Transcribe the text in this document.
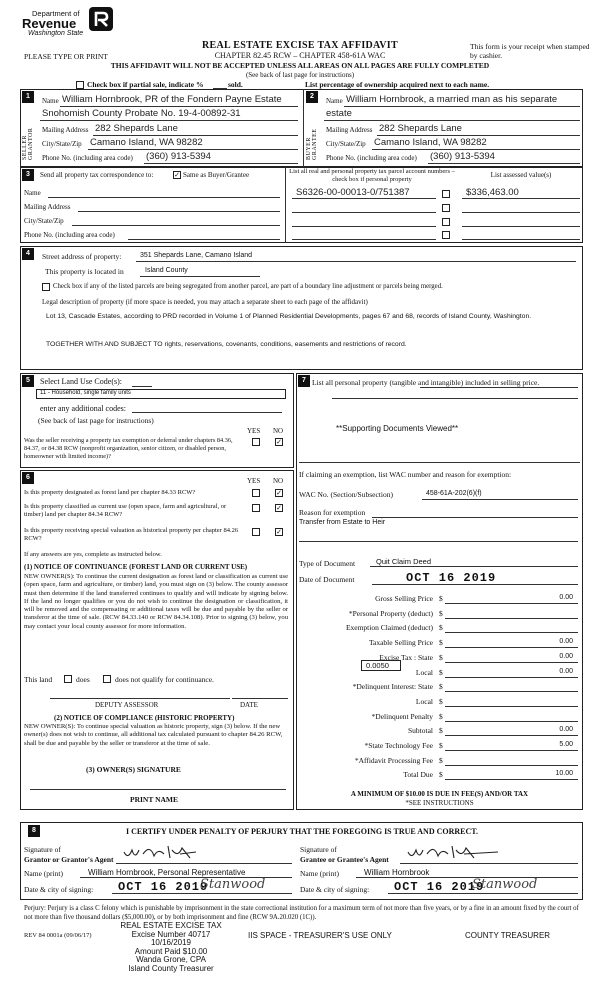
Department of
Revenue
Washington State
PLEASE TYPE OR PRINT
REAL ESTATE EXCISE TAX AFFIDAVIT
CHAPTER 82.45 RCW – CHAPTER 458-61A WAC
THIS AFFIDAVIT WILL NOT BE ACCEPTED UNLESS ALL AREAS ON ALL PAGES ARE FULLY COMPLETED
(See back of last page for instructions)
This form is your receipt when stamped by cashier.
Check box if partial sale, indicate %	sold.	List percentage of ownership acquired next to each name.
1
SELLER GRANTOR
Name William Hornbrook, PR of the Fondern Payne Estate
Snohomish County Probate No. 19-4-00892-31
Mailing Address 282 Shepards Lane
City/State/Zip Camano Island, WA 98282
Phone No. (including area code) (360) 913-5394
2
BUYER GRANTEE
Name William Hornbrook, a married man as his separate
estate
Mailing Address 282 Shepards Lane
City/State/Zip Camano Island, WA 98282
Phone No. (including area code) (360) 913-5394
3	Send all property tax correspondence to:	✓ Same as Buyer/Grantee
Name
Mailing Address
City/State/Zip
Phone No. (including area code)
List all real and personal property tax parcel account numbers – check box if personal property
List assessed value(s)
S6326-00-00013-0/751387	$336,463.00
4	Street address of property:	351 Shepards Lane, Camano Island
This property is located in	Island County
Check box if any of the listed parcels are being segregated from another parcel, are part of a boundary line adjustment or parcels being merged.
Legal description of property (if more space is needed, you may attach a separate sheet to each page of the affidavit)
Lot 13, Cascade Estates, according to PRD recorded in Volume 1 of Planned Residential Developments, pages 67 and 68, records of Island County, Washington.
TOGETHER WITH AND SUBJECT TO rights, reservations, covenants, conditions, easements and restrictions of record.
5	Select Land Use Code(s):
11 - Household, single family units
enter any additional codes:
(See back of last page for instructions)
YES NO
Was the seller receiving a property tax exemption or deferral under chapters 84.36, 84.37, or 84.38 RCW (nonprofit organization, senior citizen, or disabled person, homeowner with limited income)?
✓
6	YES NO
Is this property designated as forest land per chapter 84.33 RCW?	✓
Is this property classified as current use (open space, farm and agricultural, or timber) land per chapter 84.34 RCW?
✓
Is this property receiving special valuation as historical property per chapter 84.26 RCW?
✓
If any answers are yes, complete as instructed below.
(1) NOTICE OF CONTINUANCE (FOREST LAND OR CURRENT USE)
NEW OWNER(S): To continue the current designation as forest land or classification as current use (open space, farm and agriculture, or timber) land, you must sign on (3) below. The county assessor must then determine if the land transferred continues to qualify and will indicate by signing below. If the land no longer qualifies or you do not wish to continue the designation or classification, it will be removed and the compensating or additional taxes will be due and payable by the seller or transferor at the time of sale. (RCW 84.33.140 or RCW 84.34.108). Prior to signing (3) below, you may contact your local county assessor for more information.
This land	does	does not qualify for continuance.
DEPUTY ASSESSOR	DATE
(2) NOTICE OF COMPLIANCE (HISTORIC PROPERTY)
NEW OWNER(S): To continue special valuation as historic property, sign (3) below. If the new owner(s) does not wish to continue, all additional tax calculated pursuant to chapter 84.26 RCW, shall be due and payable by the seller or transferor at the time of sale.
(3) OWNER(S) SIGNATURE
PRINT NAME
7 List all personal property (tangible and intangible) included in selling price.
**Supporting Documents Viewed**
If claiming an exemption, list WAC number and reason for exemption:
WAC No. (Section/Subsection)	458-61A-202(6)(f)
Reason for exemption
Transfer from Estate to Heir
Type of Document	Quit Claim Deed
Date of Document	OCT 16 2019
Gross Selling Price $	0.00
*Personal Property (deduct) $
Exemption Claimed (deduct) $
Taxable Selling Price $	0.00
Excise Tax : State $	0.00
Local $	0.00
*Delinquent Interest: State $
Local $
*Delinquent Penalty $
Subtotal $	0.00
*State Technology Fee $	5.00
*Affidavit Processing Fee $
Total Due $	10.00
0.0050
A MINIMUM OF $10.00 IS DUE IN FEE(S) AND/OR TAX
*SEE INSTRUCTIONS
8	I CERTIFY UNDER PENALTY OF PERJURY THAT THE FOREGOING IS TRUE AND CORRECT.
Signature of
Grantor or Grantor's Agent
Name (print)	William Hornbrook, Personal Representative
Date & city of signing: OCT 16 2019
Stanwood
Signature of
Grantee or Grantee's Agent
Name (print)	William Hornbrook
Date & city of signing: OCT 16 2019
Stanwood
Perjury: Perjury is a class C felony which is punishable by imprisonment in the state correctional institution for a maximum term of not more than five years, or by a fine in an amount fixed by the court of not more than five thousand dollars ($5,000.00), or by both imprisonment and fine (RCW 9A.20.020 (1C)).
REV 84 0001a (09/06/17)
REAL ESTATE EXCISE TAX
Excise Number 40717
10/16/2019
Amount Paid $10.00
Wanda Grone, CPA
Island County Treasurer
IIS SPACE - TREASURER'S USE ONLY	COUNTY TREASURER
